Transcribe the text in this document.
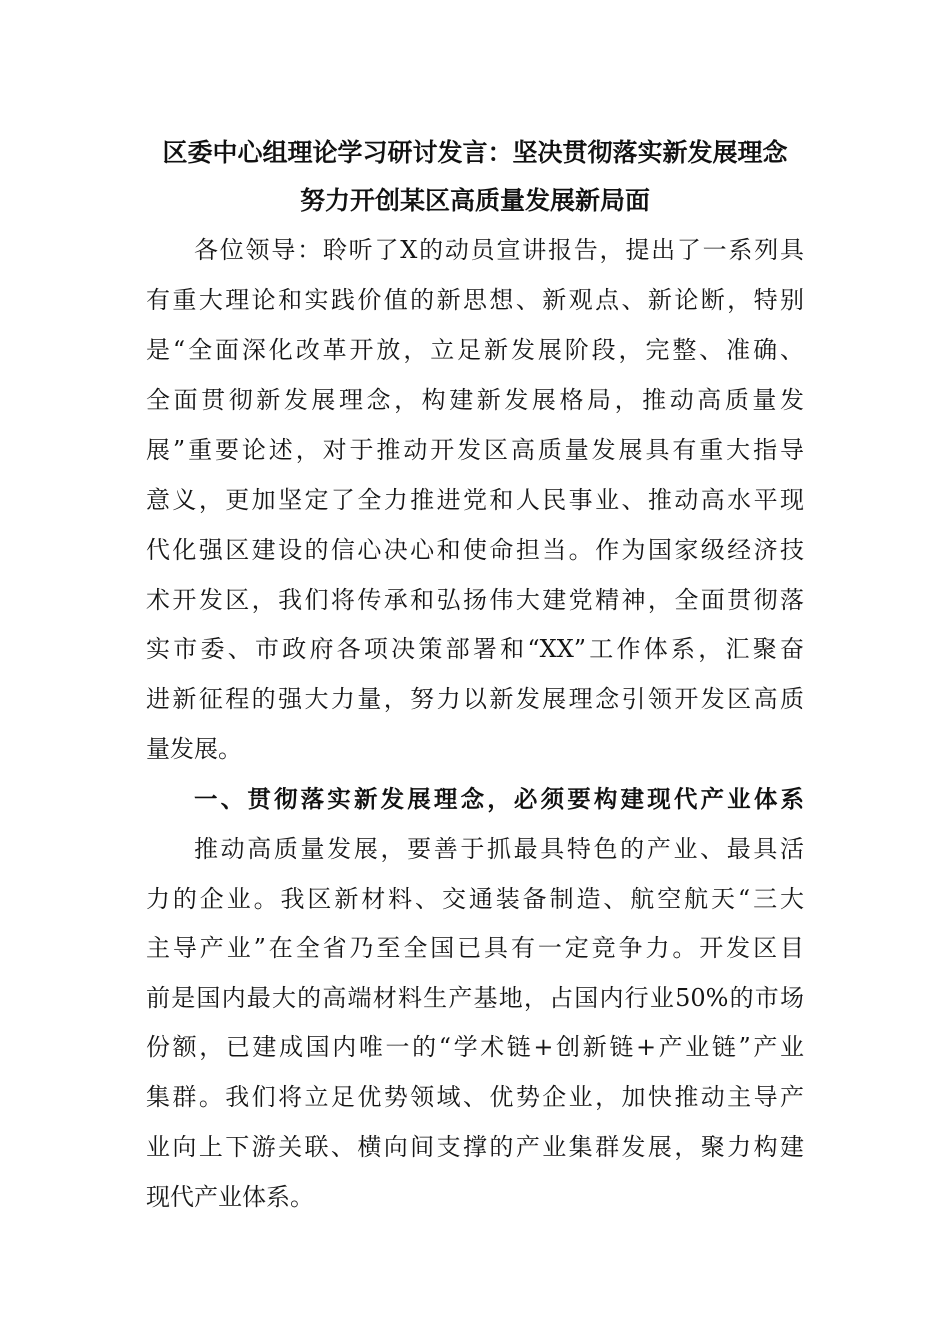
区委中心组理论学习研讨发言：坚决贯彻落实新发展理念
努力开创某区高质量发展新局面
各位领导：聆听了X的动员宣讲报告，提出了一系列具
有重大理论和实践价值的新思想、新观点、新论断，特别
是“全面深化改革开放，立足新发展阶段，完整、准确、
全面贯彻新发展理念，构建新发展格局，推动高质量发
展”重要论述，对于推动开发区高质量发展具有重大指导
意义，更加坚定了全力推进党和人民事业、推动高水平现
代化强区建设的信心决心和使命担当。作为国家级经济技
术开发区，我们将传承和弘扬伟大建党精神，全面贯彻落
实市委、市政府各项决策部署和“XX”工作体系，汇聚奋
进新征程的强大力量，努力以新发展理念引领开发区高质
量发展。
一、贯彻落实新发展理念，必须要构建现代产业体系
推动高质量发展，要善于抓最具特色的产业、最具活
力的企业。我区新材料、交通装备制造、航空航天“三大
主导产业”在全省乃至全国已具有一定竞争力。开发区目
前是国内最大的高端材料生产基地，占国内行业50%的市场
份额，已建成国内唯一的“学术链+创新链+产业链”产业
集群。我们将立足优势领域、优势企业，加快推动主导产
业向上下游关联、横向间支撑的产业集群发展，聚力构建
现代产业体系。
